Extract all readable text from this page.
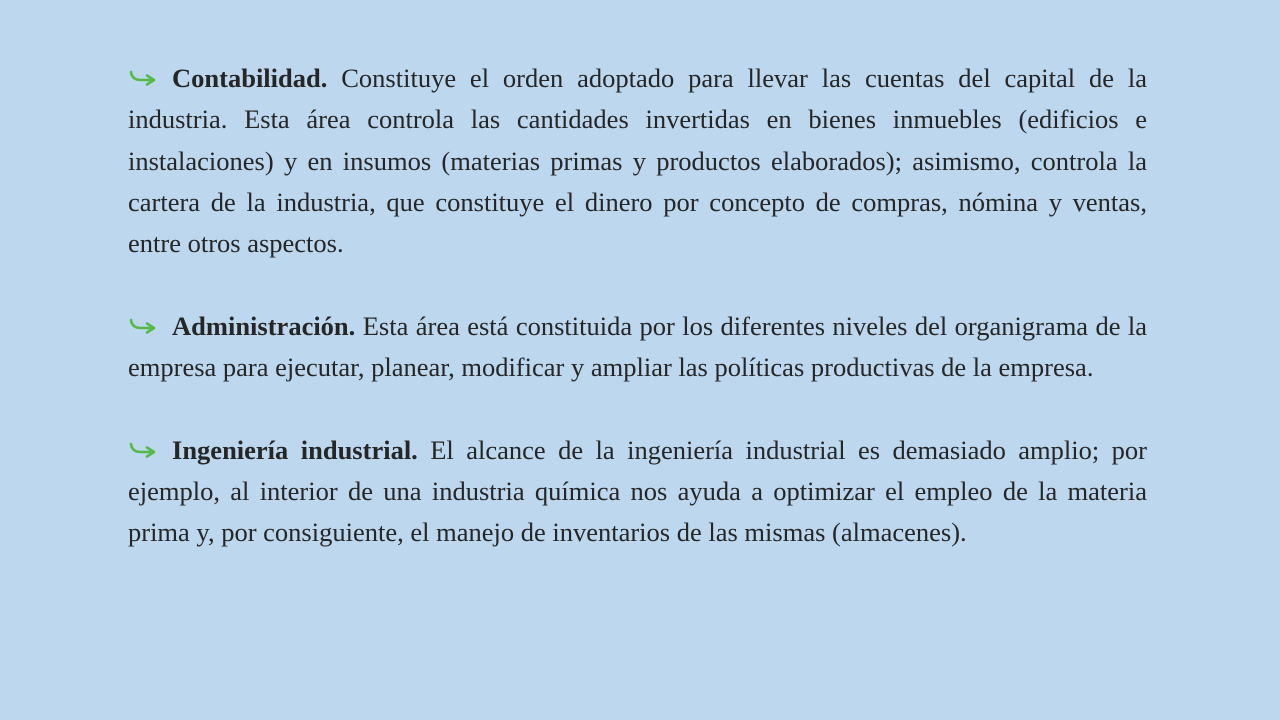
Contabilidad. Constituye el orden adoptado para llevar las cuentas del capital de la industria. Esta área controla las cantidades invertidas en bienes inmuebles (edificios e instalaciones) y en insumos (materias primas y productos elaborados); asimismo, controla la cartera de la industria, que constituye el dinero por concepto de compras, nómina y ventas, entre otros aspectos.

Administración. Esta área está constituida por los diferentes niveles del organigrama de la empresa para ejecutar, planear, modificar y ampliar las políticas productivas de la empresa.

Ingeniería industrial. El alcance de la ingeniería industrial es demasiado amplio; por ejemplo, al interior de una industria química nos ayuda a optimizar el empleo de la materia prima y, por consiguiente, el manejo de inventarios de las mismas (almacenes).
